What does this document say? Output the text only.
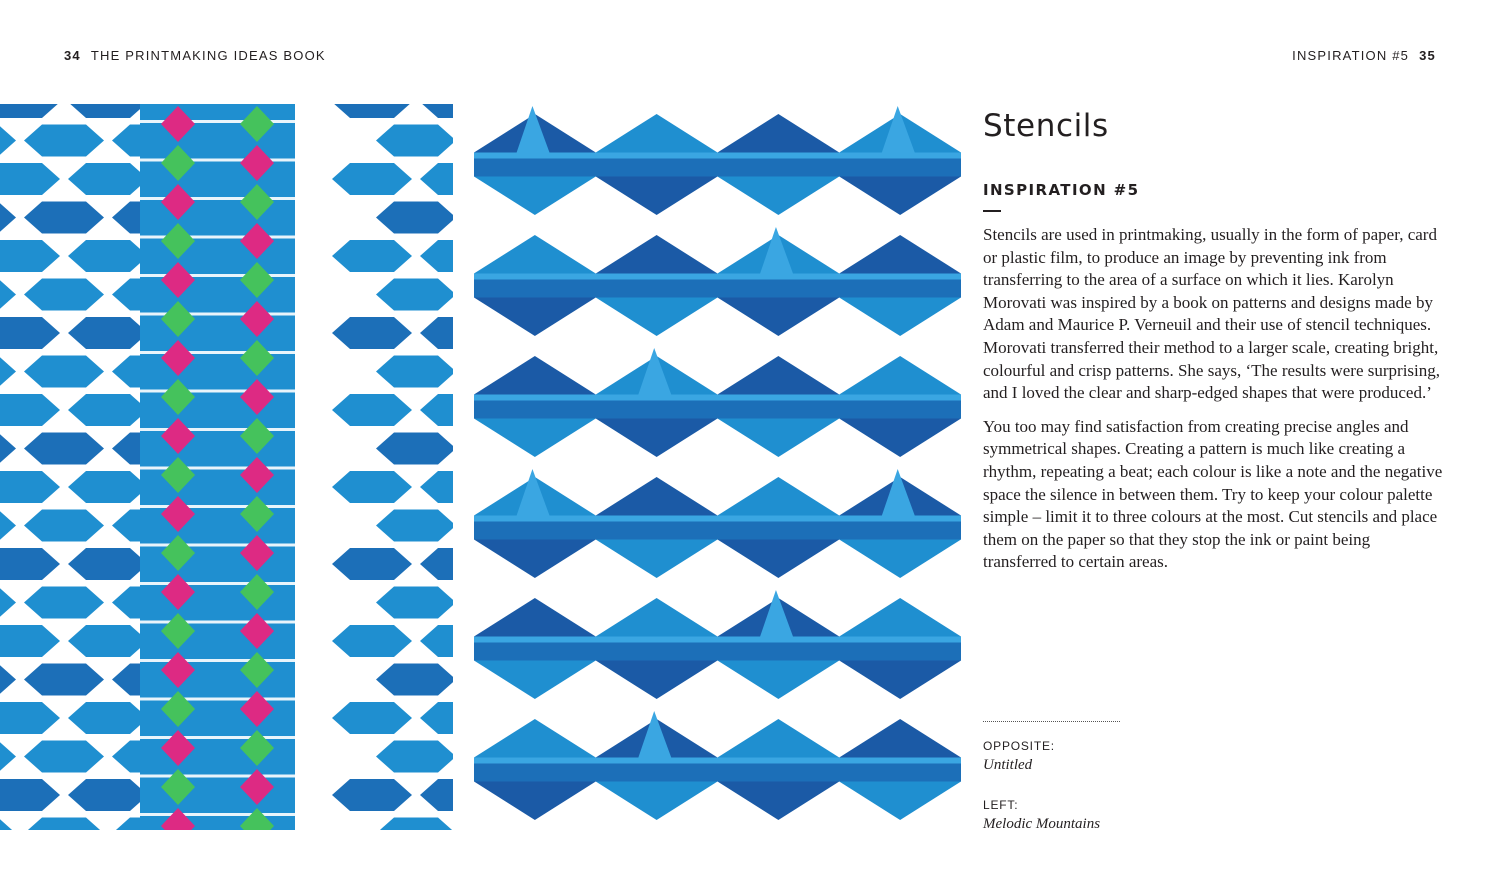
34 THE PRINTMAKING IDEAS BOOK	INSPIRATION #5 35
Stencils
INSPIRATION #5

Stencils are used in printmaking, usually in the form of paper, card or plastic film, to produce an image by preventing ink from transferring to the area of a surface on which it lies. Karolyn Morovati was inspired by a book on patterns and designs made by Adam and Maurice P. Verneuil and their use of stencil techniques. Morovati transferred their method to a larger scale, creating bright, colourful and crisp patterns. She says, ‘The results were surprising, and I loved the clear and sharp-edged shapes that were produced.’

You too may find satisfaction from creating precise angles and symmetrical shapes. Creating a pattern is much like creating a rhythm, repeating a beat; each colour is like a note and the negative space the silence in between them. Try to keep your colour palette simple – limit it to three colours at the most. Cut stencils and place them on the paper so that they stop the ink or paint being transferred to certain areas.

OPPOSITE:
Untitled
LEFT:
Melodic Mountains
